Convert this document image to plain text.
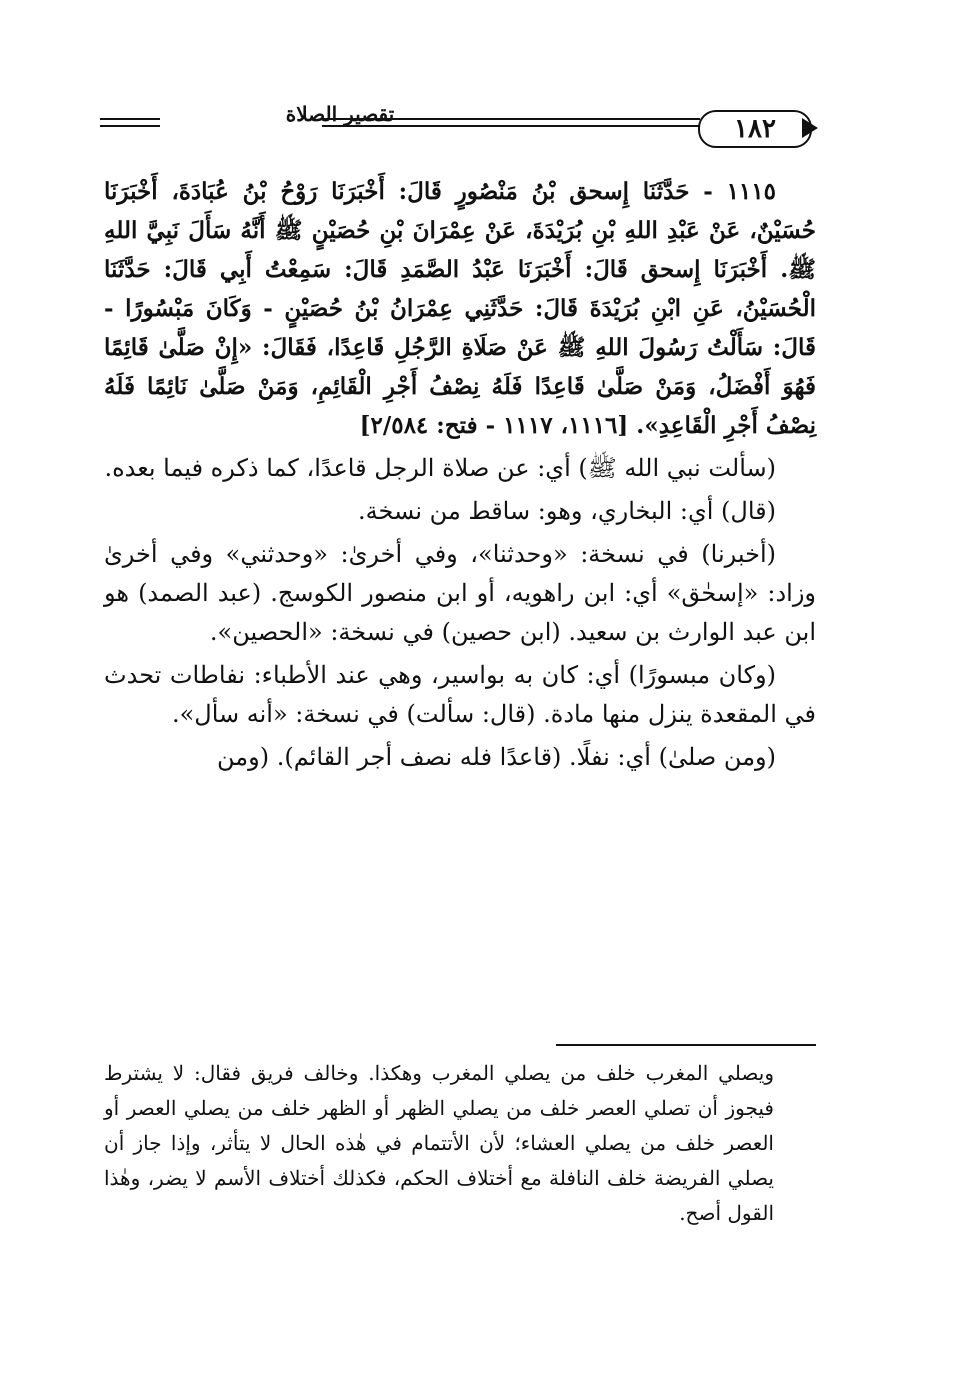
تقصير الصلاة	١٨٢

١١١٥ - حَدَّثَنَا إِسحق بْنُ مَنْصُورٍ قَالَ: أَخْبَرَنَا رَوْحُ بْنُ عُبَادَةَ، أَخْبَرَنَا حُسَيْنٌ، عَنْ عَبْدِ اللهِ بْنِ بُرَيْدَةَ، عَنْ عِمْرَانَ بْنِ حُصَيْنٍ ﷺ أَنَّهُ سَأَلَ نَبِيَّ اللهِ ﷺ. أَخْبَرَنَا إِسحق قَالَ: أَخْبَرَنَا عَبْدُ الصَّمَدِ قَالَ: سَمِعْتُ أَبِي قَالَ: حَدَّثَنَا الْحُسَيْنُ، عَنِ ابْنِ بُرَيْدَةَ قَالَ: حَدَّثَنِي عِمْرَانُ بْنُ حُصَيْنٍ - وَكَانَ مَبْسُورًا - قَالَ: سَأَلْتُ رَسُولَ اللهِ ﷺ عَنْ صَلَاةِ الرَّجُلِ قَاعِدًا، فَقَالَ: «إِنْ صَلَّىٰ قَائِمًا فَهُوَ أَفْضَلُ، وَمَنْ صَلَّىٰ قَاعِدًا فَلَهُ نِصْفُ أَجْرِ الْقَائِمِ، وَمَنْ صَلَّىٰ نَائِمًا فَلَهُ نِصْفُ أَجْرِ الْقَاعِدِ». [١١١٦، ١١١٧ - فتح: ٢/٥٨٤]

(سألت نبي الله ﷺ) أي: عن صلاة الرجل قاعدًا، كما ذكره فيما بعده.

(قال) أي: البخاري، وهو: ساقط من نسخة.

(أخبرنا) في نسخة: «وحدثنا»، وفي أخرىٰ: «وحدثني» وفي أخرىٰ وزاد: «إسحٰق» أي: ابن راهويه، أو ابن منصور الكوسج. (عبد الصمد) هو ابن عبد الوارث بن سعيد. (ابن حصين) في نسخة: «الحصين».

(وكان مبسورًا) أي: كان به بواسير، وهي عند الأطباء: نفاطات تحدث في المقعدة ينزل منها مادة. (قال: سألت) في نسخة: «أنه سأل».

(ومن صلىٰ) أي: نفلًا. (قاعدًا فله نصف أجر القائم). (ومن

ويصلي المغرب خلف من يصلي المغرب وهكذا. وخالف فريق فقال: لا يشترط فيجوز أن تصلي العصر خلف من يصلي الظهر أو الظهر خلف من يصلي العصر أو العصر خلف من يصلي العشاء؛ لأن الأتتمام في هٰذه الحال لا يتأثر، وإذا جاز أن يصلي الفريضة خلف النافلة مع أختلاف الحكم، فكذلك أختلاف الأسم لا يضر، وهٰذا القول أصح.
